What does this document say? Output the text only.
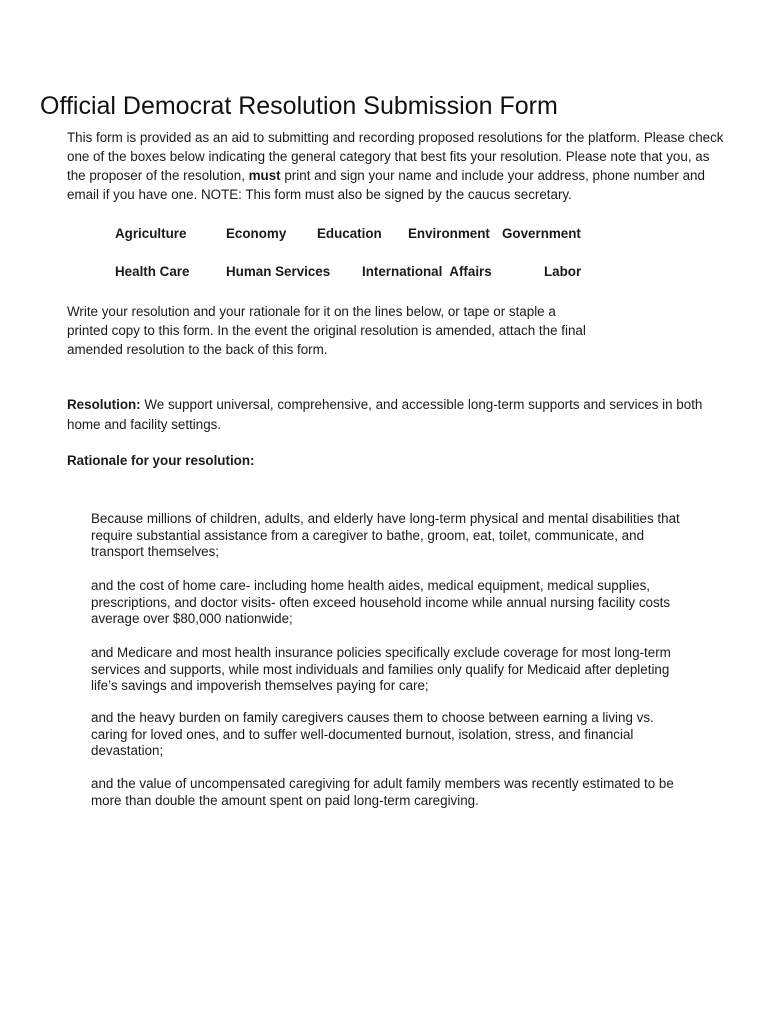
Official Democrat Resolution Submission Form

This form is provided as an aid to submitting and recording proposed resolutions for the platform. Please check one of the boxes below indicating the general category that best fits your resolution. Please note that you, as the proposer of the resolution, must print and sign your name and include your address, phone number and email if you have one. NOTE: This form must also be signed by the caucus secretary.

Agriculture	Economy Education Environment Government
Health Care	Human Services International  Affairs	Labor

Write your resolution and your rationale for it on the lines below, or tape or staple a printed copy to this form. In the event the original resolution is amended, attach the final amended resolution to the back of this form.

Resolution: We support universal, comprehensive, and accessible long-term supports and services in both home and facility settings.

Rationale for your resolution:

Because millions of children, adults, and elderly have long-term physical and mental disabilities that require substantial assistance from a caregiver to bathe, groom, eat, toilet, communicate, and transport themselves;

and the cost of home care- including home health aides, medical equipment, medical supplies, prescriptions, and doctor visits- often exceed household income while annual nursing facility costs average over $80,000 nationwide;

and Medicare and most health insurance policies specifically exclude coverage for most long-term services and supports, while most individuals and families only qualify for Medicaid after depleting life’s savings and impoverish themselves paying for care;

and the heavy burden on family caregivers causes them to choose between earning a living vs. caring for loved ones, and to suffer well-documented burnout, isolation, stress, and financial devastation;

and the value of uncompensated caregiving for adult family members was recently estimated to be more than double the amount spent on paid long-term caregiving.
